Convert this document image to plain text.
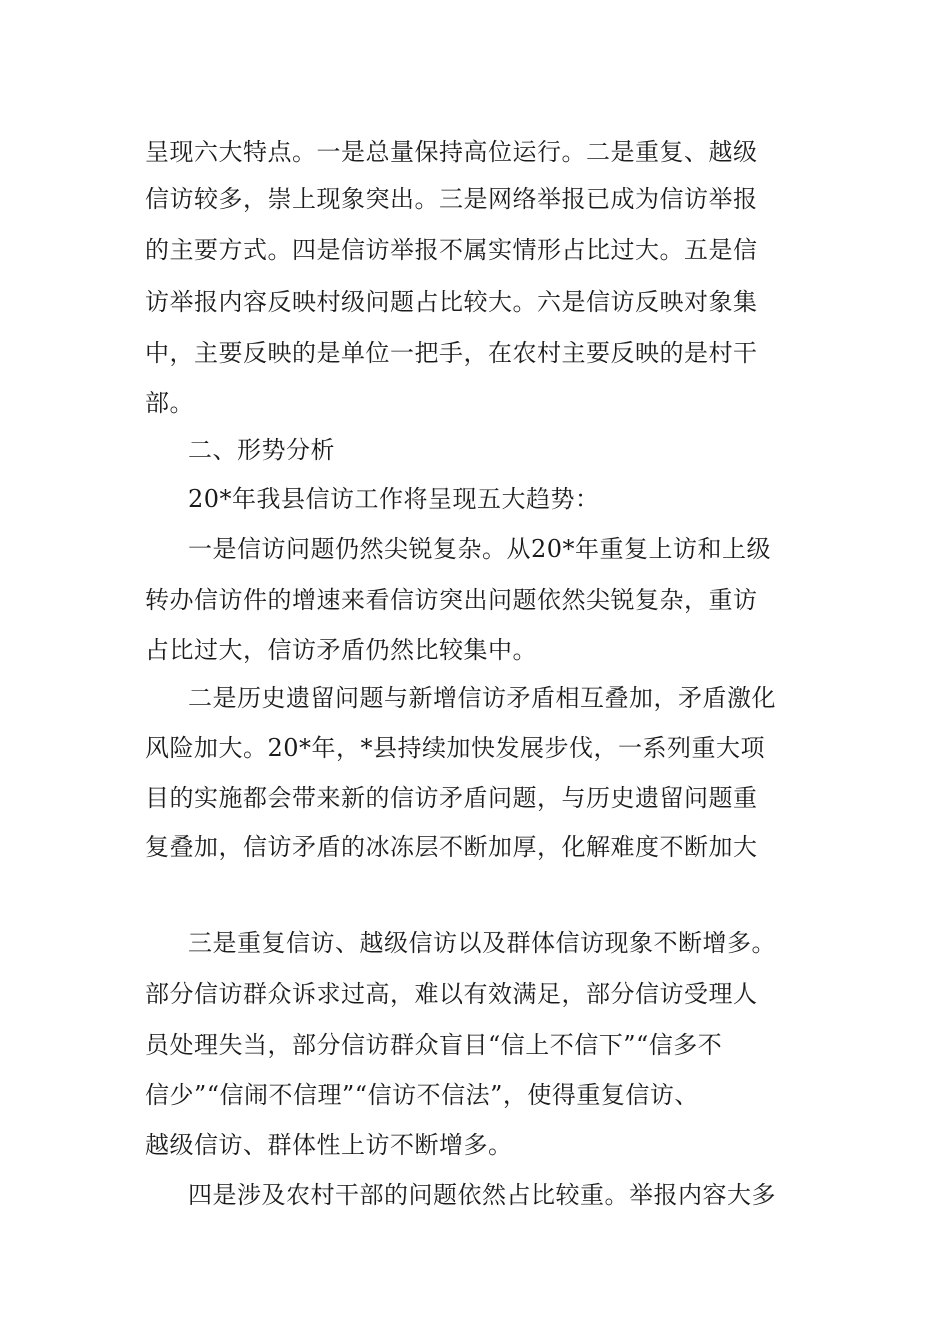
呈现六大特点。一是总量保持高位运行。二是重复、越级
信访较多，崇上现象突出。三是网络举报已成为信访举报
的主要方式。四是信访举报不属实情形占比过大。五是信
访举报内容反映村级问题占比较大。六是信访反映对象集
中，主要反映的是单位一把手，在农村主要反映的是村干
部。
二、形势分析
20*年我县信访工作将呈现五大趋势：
一是信访问题仍然尖锐复杂。从20*年重复上访和上级
转办信访件的增速来看信访突出问题依然尖锐复杂，重访
占比过大，信访矛盾仍然比较集中。
二是历史遗留问题与新增信访矛盾相互叠加，矛盾激化
风险加大。20*年，*县持续加快发展步伐，一系列重大项
目的实施都会带来新的信访矛盾问题，与历史遗留问题重
复叠加，信访矛盾的冰冻层不断加厚，化解难度不断加大
三是重复信访、越级信访以及群体信访现象不断增多。
部分信访群众诉求过高，难以有效满足，部分信访受理人
员处理失当，部分信访群众盲目“信上不信下”“信多不
信少”“信闹不信理”“信访不信法”，使得重复信访、
越级信访、群体性上访不断增多。
四是涉及农村干部的问题依然占比较重。举报内容大多
